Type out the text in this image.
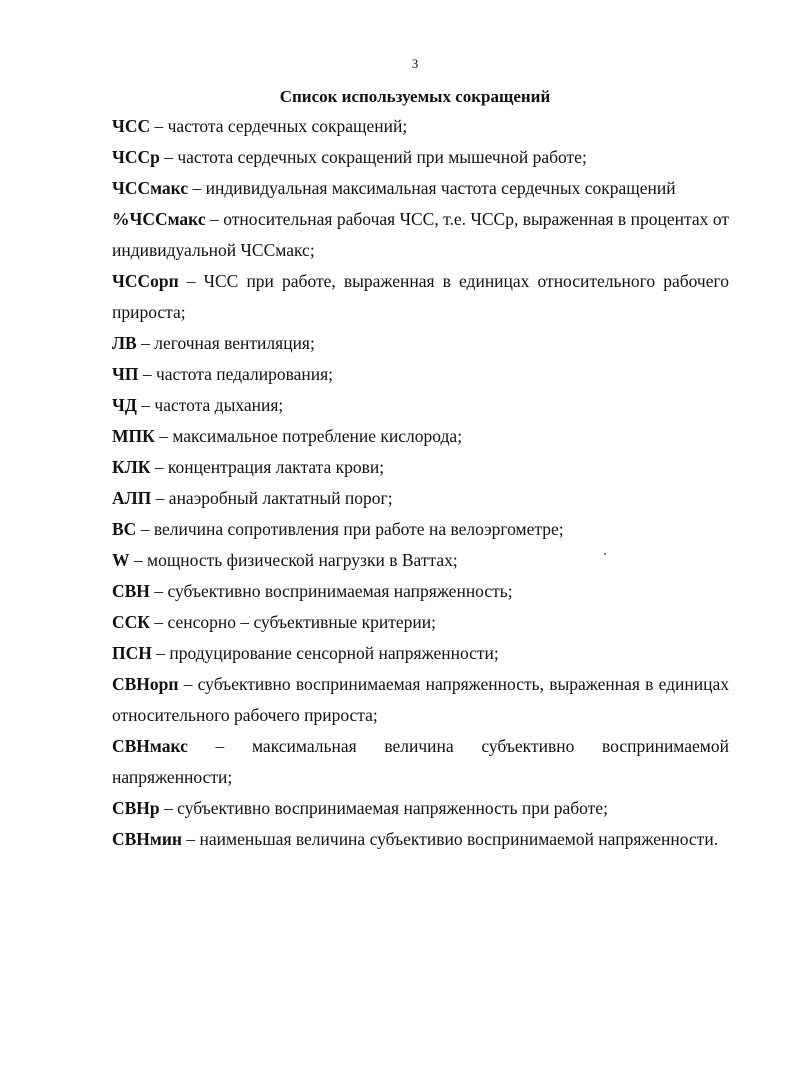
3
Список используемых сокращений
ЧСС – частота сердечных сокращений;
ЧССр – частота сердечных сокращений при мышечной работе;
ЧССмакс – индивидуальная максимальная частота сердечных сокращений
%ЧССмакс – относительная рабочая ЧСС, т.е. ЧССр, выраженная в процентах от индивидуальной ЧССмакс;
ЧССорп – ЧСС при работе, выраженная в единицах относительного рабочего прироста;
ЛВ – легочная вентиляция;
ЧП – частота педалирования;
ЧД – частота дыхания;
МПК – максимальное потребление кислорода;
КЛК – концентрация лактата крови;
АЛП – анаэробный лактатный порог;
ВС – величина сопротивления при работе на велоэргометре;
W – мощность физической нагрузки в Ваттах;
СВН – субъективно воспринимаемая напряженность;
ССК – сенсорно – субъективные критерии;
ПСН – продуцирование сенсорной напряженности;
СВНорп – субъективно воспринимаемая напряженность, выраженная в единицах относительного рабочего прироста;
СВНмакс – максимальная величина субъективно воспринимаемой напряженности;
СВНр – субъективно воспринимаемая напряженность при работе;
СВНмин – наименьшая величина субъективио воспринимаемой напряженности.
